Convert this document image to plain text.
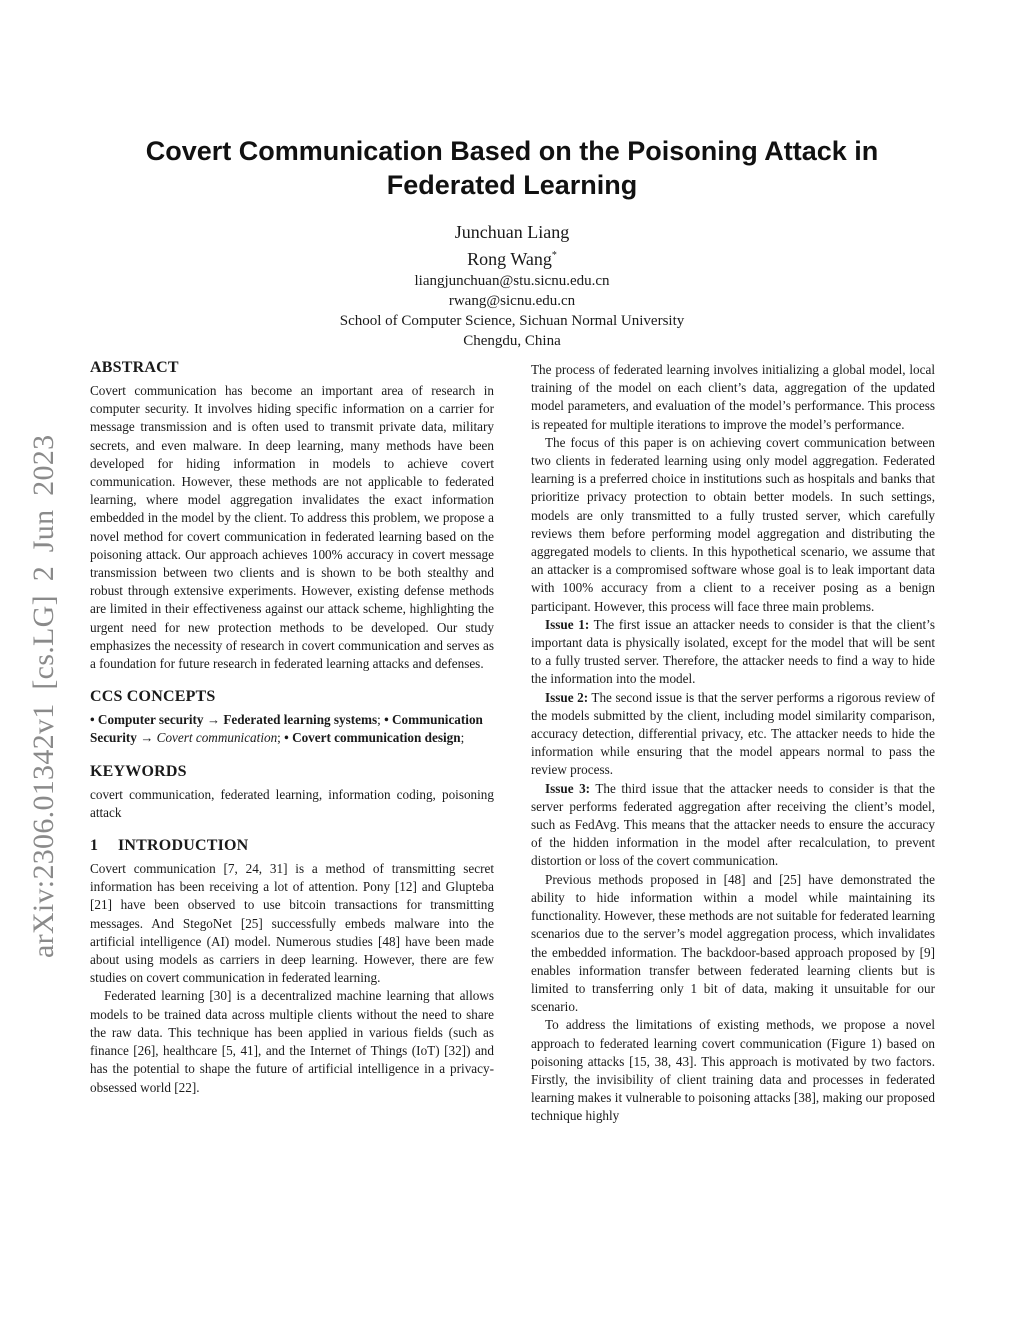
Covert Communication Based on the Poisoning Attack in Federated Learning
Junchuan Liang
Rong Wang*
liangjunchuan@stu.sicnu.edu.cn
rwang@sicnu.edu.cn
School of Computer Science, Sichuan Normal University
Chengdu, China
arXiv:2306.01342v1 [cs.LG] 2 Jun 2023
ABSTRACT

Covert communication has become an important area of research in computer security. It involves hiding specific information on a carrier for message transmission and is often used to transmit private data, military secrets, and even malware. In deep learning, many methods have been developed for hiding information in models to achieve covert communication. However, these methods are not applicable to federated learning, where model aggregation invalidates the exact information embedded in the model by the client. To address this problem, we propose a novel method for covert communication in federated learning based on the poisoning attack. Our approach achieves 100% accuracy in covert message transmission between two clients and is shown to be both stealthy and robust through extensive experiments. However, existing defense methods are limited in their effectiveness against our attack scheme, highlighting the urgent need for new protection methods to be developed. Our study emphasizes the necessity of research in covert communication and serves as a foundation for future research in federated learning attacks and defenses.

CCS CONCEPTS

• Computer security → Federated learning systems; • Communication Security → Covert communication; • Covert communication design;

KEYWORDS

covert communication, federated learning, information coding, poisoning attack

1 INTRODUCTION

Covert communication [7, 24, 31] is a method of transmitting secret information has been receiving a lot of attention. Pony [12] and Glupteba [21] have been observed to use bitcoin transactions for transmitting messages. And StegoNet [25] successfully embeds malware into the artificial intelligence (AI) model. Numerous studies [48] have been made about using models as carriers in deep learning. However, there are few studies on covert communication in federated learning.

Federated learning [30] is a decentralized machine learning that allows models to be trained data across multiple clients without the need to share the raw data. This technique has been applied in various fields (such as finance [26], healthcare [5, 41], and the Internet of Things (IoT) [32]) and has the potential to shape the future of artificial intelligence in a privacy-obsessed world [22].

The process of federated learning involves initializing a global model, local training of the model on each client’s data, aggregation of the updated model parameters, and evaluation of the model’s performance. This process is repeated for multiple iterations to improve the model’s performance.

The focus of this paper is on achieving covert communication between two clients in federated learning using only model aggregation. Federated learning is a preferred choice in institutions such as hospitals and banks that prioritize privacy protection to obtain better models. In such settings, models are only transmitted to a fully trusted server, which carefully reviews them before performing model aggregation and distributing the aggregated models to clients. In this hypothetical scenario, we assume that an attacker is a compromised software whose goal is to leak important data with 100% accuracy from a client to a receiver posing as a benign participant. However, this process will face three main problems.

Issue 1: The first issue an attacker needs to consider is that the client’s important data is physically isolated, except for the model that will be sent to a fully trusted server. Therefore, the attacker needs to find a way to hide the information into the model.

Issue 2: The second issue is that the server performs a rigorous review of the models submitted by the client, including model similarity comparison, accuracy detection, differential privacy, etc. The attacker needs to hide the information while ensuring that the model appears normal to pass the review process.

Issue 3: The third issue that the attacker needs to consider is that the server performs federated aggregation after receiving the client’s model, such as FedAvg. This means that the attacker needs to ensure the accuracy of the hidden information in the model after recalculation, to prevent distortion or loss of the covert communication.

Previous methods proposed in [48] and [25] have demonstrated the ability to hide information within a model while maintaining its functionality. However, these methods are not suitable for federated learning scenarios due to the server’s model aggregation process, which invalidates the embedded information. The backdoor-based approach proposed by [9] enables information transfer between federated learning clients but is limited to transferring only 1 bit of data, making it unsuitable for our scenario.

To address the limitations of existing methods, we propose a novel approach to federated learning covert communication (Figure 1) based on poisoning attacks [15, 38, 43]. This approach is motivated by two factors. Firstly, the invisibility of client training data and processes in federated learning makes it vulnerable to poisoning attacks [38], making our proposed technique highly
